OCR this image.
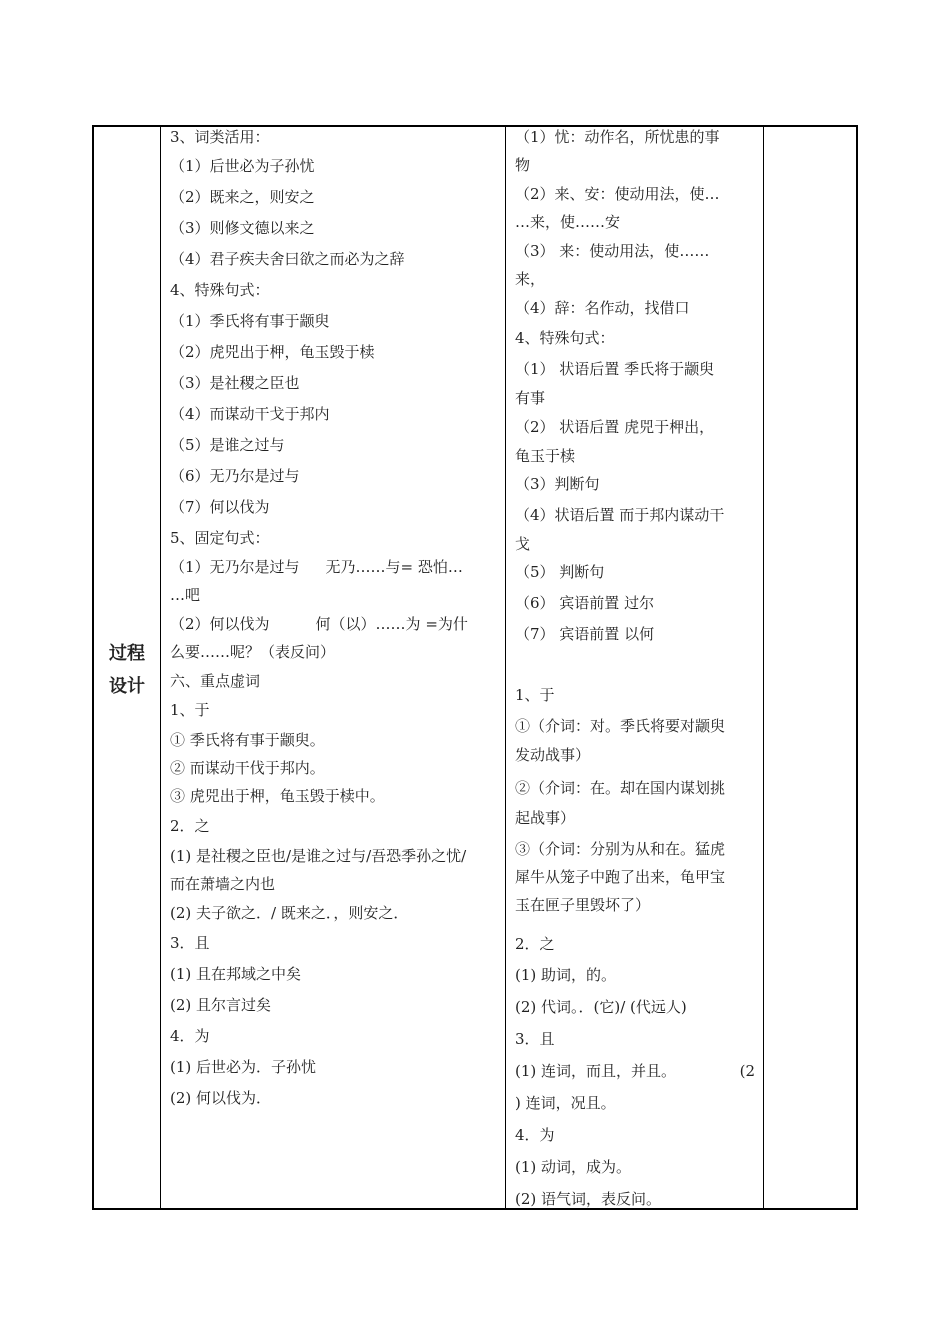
过程
设计
3、词类活用：
（1）后世必为子孙忧
（2）既来之，则安之
（3）则修文德以来之
（4）君子疾夫舍曰欲之而必为之辞
4、特殊句式：
（1）季氏将有事于颛臾
（2）虎兕出于柙，龟玉毁于椟
（3）是社稷之臣也
（4）而谋动干戈于邦内
（5）是谁之过与
（6）无乃尔是过与
（7）何以伐为
5、固定句式：
（1）无乃尔是过与 无乃……与= 恐怕…
…吧
（2）何以伐为	何（以）……为 =为什
么要……呢？（表反问）
六、重点虚词
1、于
① 季氏将有事于颛臾。
② 而谋动干伐于邦内。
③ 虎兕出于柙，龟玉毁于椟中。
2．之
(1) 是社稷之臣也/是谁之过与/吾恐季孙之忧/
而在萧墙之内也
(2) 夫子欲之．/ 既来之．，则安之．
3．且
(1) 且在邦域之中矣
(2) 且尔言过矣
4．为
(1) 后世必为．子孙忧
(2) 何以伐为．
（1）忧：动作名，所忧患的事
物
（2）来、安：使动用法，使…
…来，使……安
（3） 来：使动用法，使……
来，
（4）辞：名作动，找借口
4、特殊句式：
（1） 状语后置 季氏将于颛臾
有事
（2） 状语后置 虎兕于柙出，
龟玉于椟
（3）判断句
（4）状语后置 而于邦内谋动干
戈
（5） 判断句
（6） 宾语前置 过尔
（7） 宾语前置 以何
1、于
①（介词：对。季氏将要对颛臾
发动战事）
②（介词：在。却在国内谋划挑
起战事）
③（介词：分别为从和在。猛虎
犀牛从笼子中跑了出来，龟甲宝
玉在匣子里毁坏了）
2．之
(1) 助词，的。
(2) 代词。．(它)/ (代远人)
3．且
(1) 连词，而且，并且。	(2
) 连词，况且。
4．为
(1) 动词，成为。
(2) 语气词，表反问。
